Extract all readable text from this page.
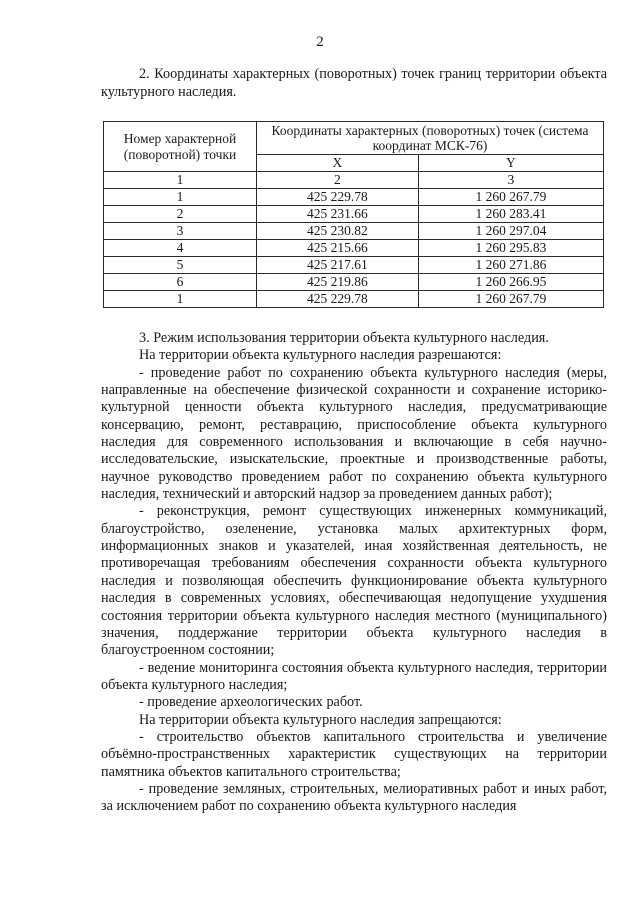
2

2. Координаты характерных (поворотных) точек границ территории объекта культурного наследия.

Номер характерной (поворотной) точки	Координаты характерных (поворотных) точек (система координат МСК-76)	
	X	Y
1	2	3
1	425 229.78	1 260 267.79
2	425 231.66	1 260 283.41
3	425 230.82	1 260 297.04
4	425 215.66	1 260 295.83
5	425 217.61	1 260 271.86
6	425 219.86	1 260 266.95
1	425 229.78	1 260 267.79

3. Режим использования территории объекта культурного наследия.

На территории объекта культурного наследия разрешаются:

- проведение работ по сохранению объекта культурного наследия (меры, направленные на обеспечение физической сохранности и сохранение историко-культурной ценности объекта культурного наследия, предусматривающие консервацию, ремонт, реставрацию, приспособление объекта культурного наследия для современного использования и включающие в себя научно-исследовательские, изыскательские, проектные и производственные работы, научное руководство проведением работ по сохранению объекта культурного наследия, технический и авторский надзор за проведением данных работ);

- реконструкция, ремонт существующих инженерных коммуникаций, благоустройство, озеленение, установка малых архитектурных форм, информационных знаков и указателей, иная хозяйственная деятельность, не противоречащая требованиям обеспечения сохранности объекта культурного наследия и позволяющая обеспечить функционирование объекта культурного наследия в современных условиях, обеспечивающая недопущение ухудшения состояния территории объекта культурного наследия местного (муниципального) значения, поддержание территории объекта культурного наследия в благоустроенном состоянии;

- ведение мониторинга состояния объекта культурного наследия, территории объекта культурного наследия;

- проведение археологических работ.

На территории объекта культурного наследия запрещаются:

- строительство объектов капитального строительства и увеличение объёмно-пространственных характеристик существующих на территории памятника объектов капитального строительства;

- проведение земляных, строительных, мелиоративных работ и иных работ, за исключением работ по сохранению объекта культурного наследия
